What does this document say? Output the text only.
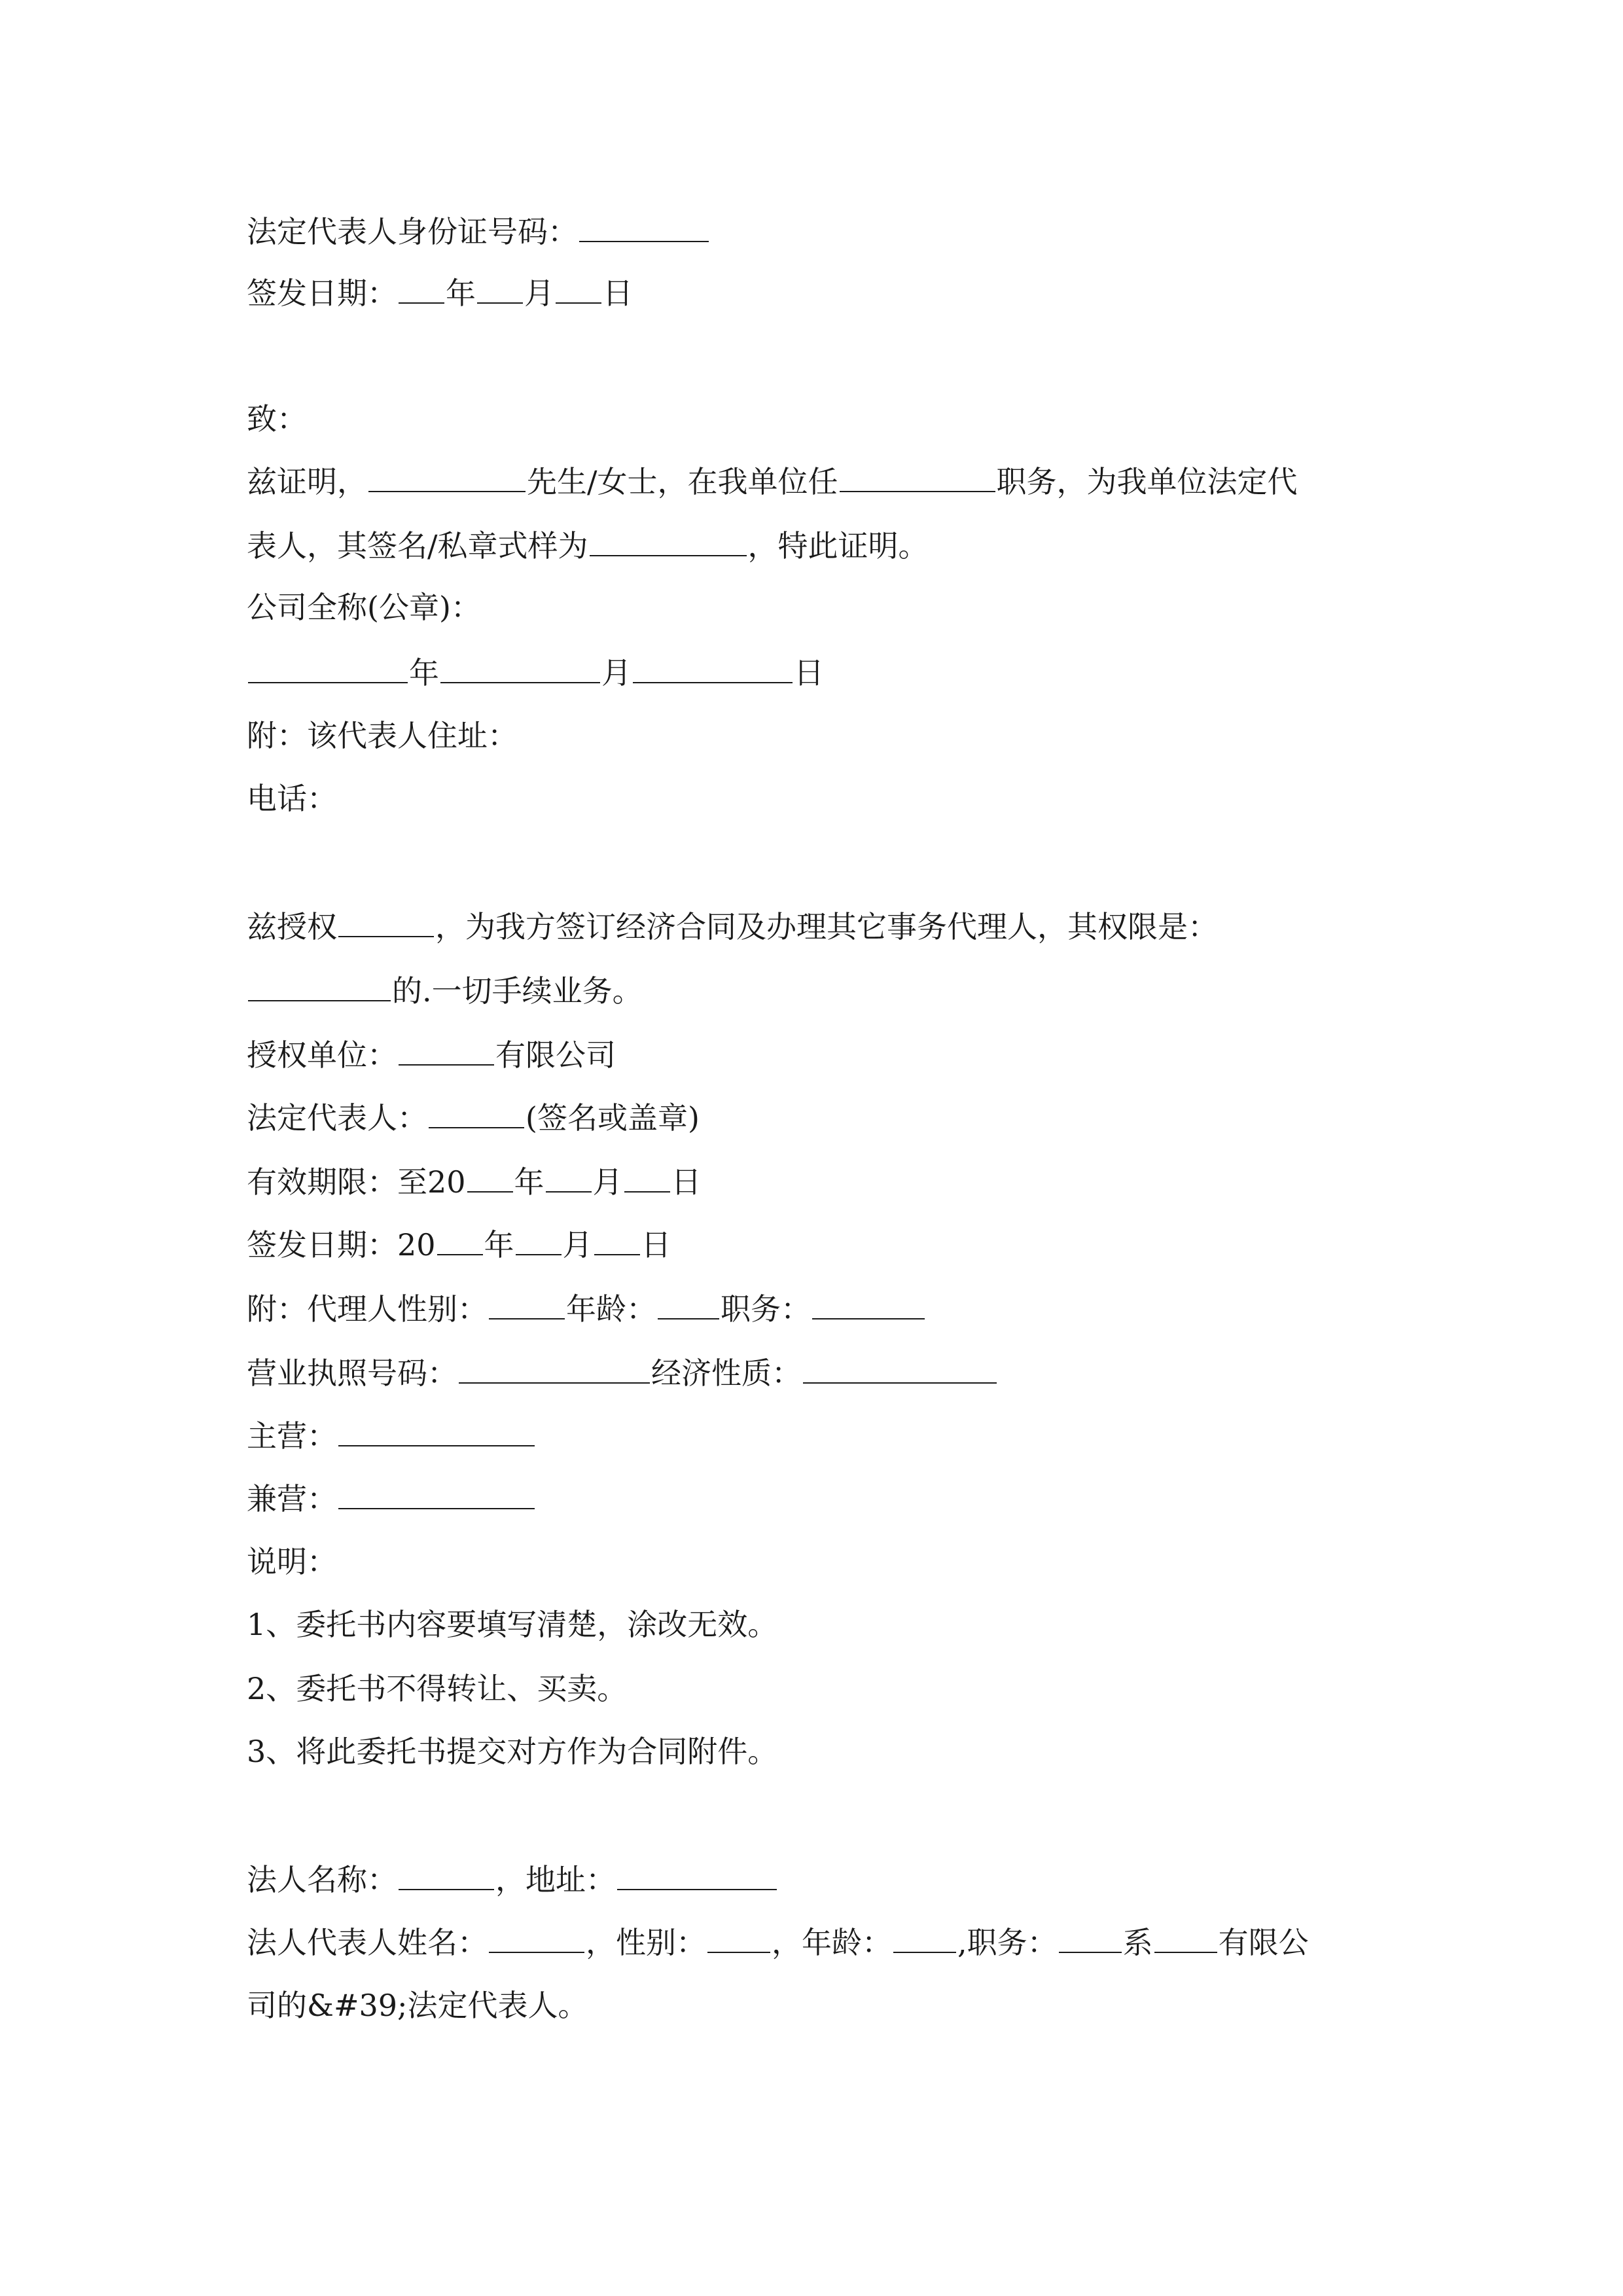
法定代表人身份证号码：
签发日期： 年 月 日
致：
兹证明，	先生/女士，在我单位任	职务，为我单位法定代
表人，其签名/私章式样为	，特此证明。
公司全称(公章)：
年	月	日
附：该代表人住址：
电话：
兹授权	，为我方签订经济合同及办理其它事务代理人，其权限是：
的.一切手续业务。
授权单位：	有限公司
法定代表人：	(签名或盖章)
有效期限：至20 年 月 日
签发日期：20 年 月 日
附：代理人性别：	年龄： 职务：
营业执照号码：	经济性质：
主营：
兼营：
说明：
1、委托书内容要填写清楚，涂改无效。
2、委托书不得转让、买卖。
3、将此委托书提交对方作为合同附件。
法人名称：	，地址：
法人代表人姓名：	，性别： ，年龄： ,职务： 系 有限公
司的&#39;法定代表人。
